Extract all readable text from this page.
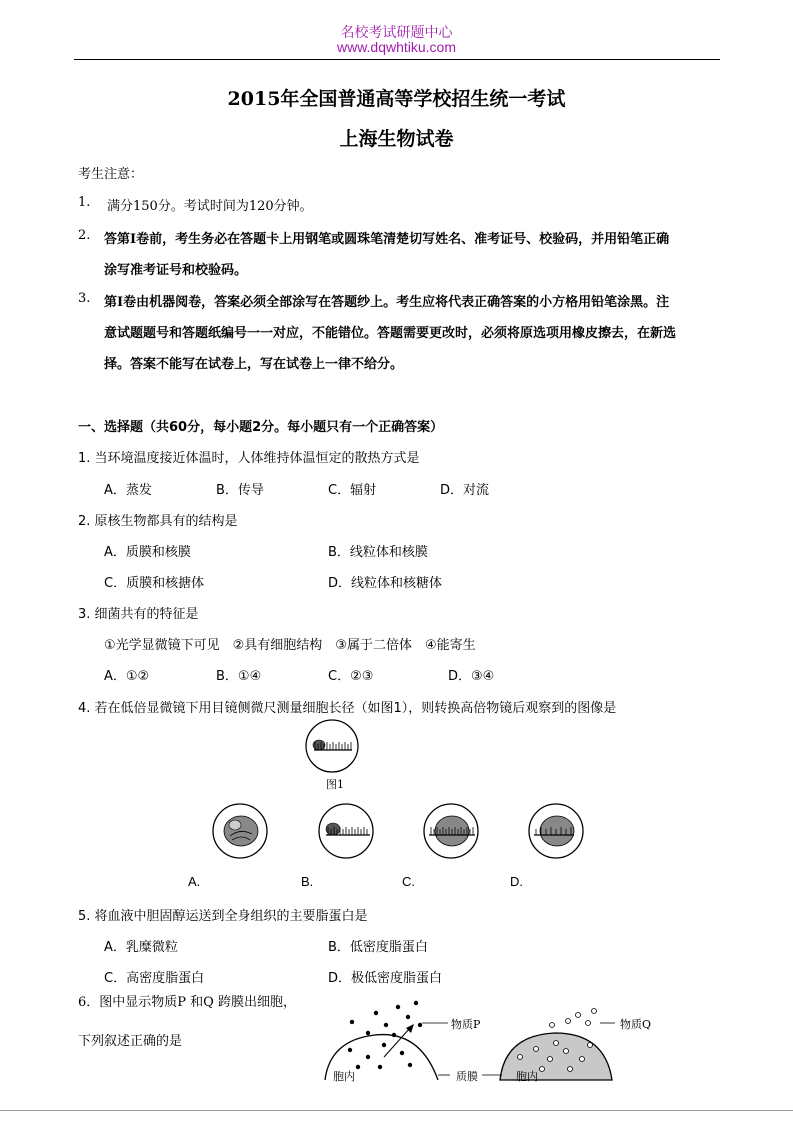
名校考试研题中心
www.dqwhtiku.com
2015年全国普通高等学校招生统一考试
上海生物试卷
考生注意：
1. 满分150分。考试时间为120分钟。
2. 答第Ⅰ卷前，考生务必在答题卡上用钢笔或圆珠笔清楚切写姓名、准考证号、校验码，并用铅笔正确
涂写准考证号和校验码。
3. 第Ⅰ卷由机器阅卷，答案必须全部涂写在答题纱上。考生应将代表正确答案的小方格用铅笔涂黑。注
意试题题号和答题纸编号一一对应，不能错位。答题需要更改时，必须将原选项用橡皮擦去，在新选
择。答案不能写在试卷上，写在试卷上一律不给分。
一、选择题（共60分，每小题2分。每小题只有一个正确答案）
1. 当环境温度接近体温时，人体维持体温恒定的散热方式是
A．蒸发	B．传导	C．辐射	D．对流
2. 原核生物都具有的结构是
A．质膜和核膜	B．线粒体和核膜
C．质膜和核搪体	D．线粒体和核糖体
3. 细菌共有的特征是
①光学显微镜下可见　②具有细胞结构　③属于二倍体　④能寄生
A．①②	B．①④	C．②③	D．③④
4. 若在低倍显微镜下用目镜侧微尺测量细胞长径（如图1），则转换高倍物镜后观察到的图像是
图1
A.	B.	C.	D.
5. 将血液中胆固醇运送到全身组织的主要脂蛋白是
A．乳糜微粒	B．低密度脂蛋白
C．高密度脂蛋白	D．极低密度脂蛋白
6．图中显示物质P 和Q 跨膜出细胞，
下列叙述正确的是
物质P	物质Q
胞内	质膜	胞内
